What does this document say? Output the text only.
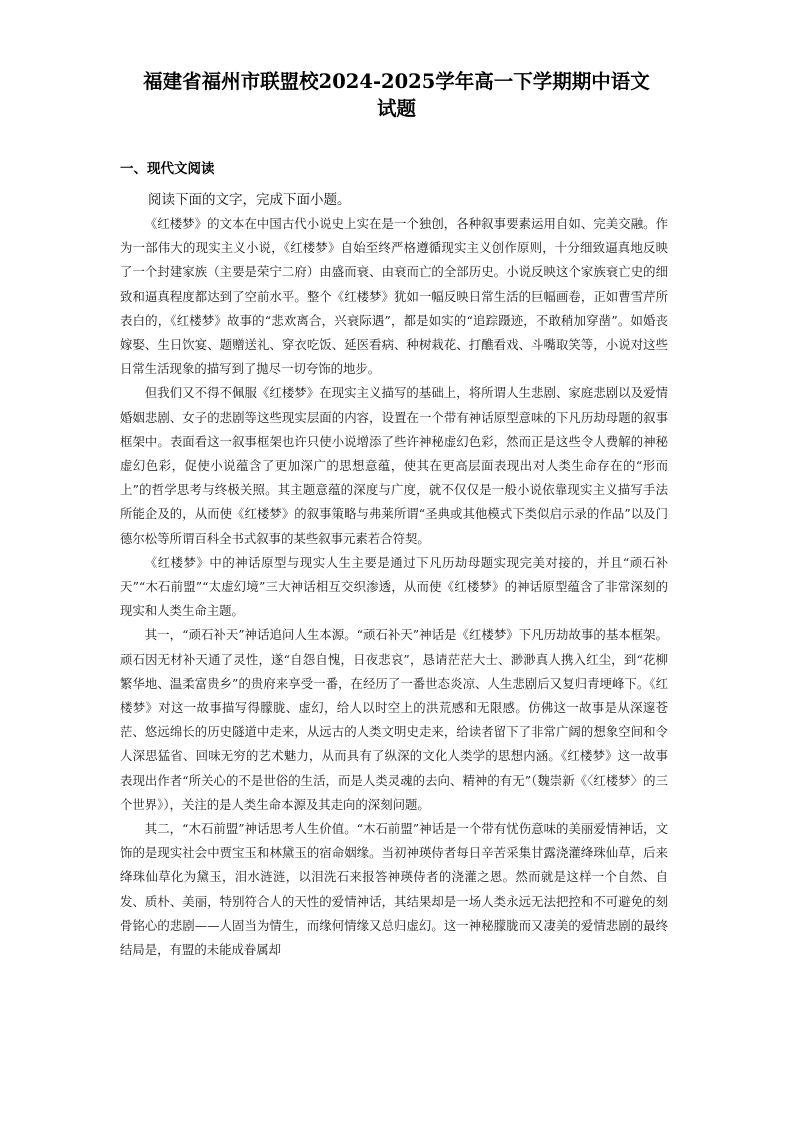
福建省福州市联盟校2024-2025学年高一下学期期中语文
试题
一、现代文阅读
阅读下面的文字，完成下面小题。

《红楼梦》的文本在中国古代小说史上实在是一个独创，各种叙事要素运用自如、完美交融。作为一部伟大的现实主义小说，《红楼梦》自始至终严格遵循现实主义创作原则，十分细致逼真地反映了一个封建家族（主要是荣宁二府）由盛而衰、由衰而亡的全部历史。小说反映这个家族衰亡史的细致和逼真程度都达到了空前水平。整个《红楼梦》犹如一幅反映日常生活的巨幅画卷，正如曹雪芹所表白的，《红楼梦》故事的“悲欢离合，兴衰际遇”，都是如实的“追踪蹑迹，不敢稍加穿凿”。如婚丧嫁娶、生日饮宴、题赠送礼、穿衣吃饭、延医看病、种树栽花、打醮看戏、斗嘴取笑等，小说对这些日常生活现象的描写到了拋尽一切夸饰的地步。

但我们又不得不佩服《红楼梦》在现实主义描写的基础上，将所谓人生悲剧、家庭悲剧以及爱情婚姻悲剧、女子的悲剧等这些现实层面的内容，设置在一个带有神话原型意味的下凡历劫母题的叙事框架中。表面看这一叙事框架也许只使小说增添了些许神秘虚幻色彩，然而正是这些令人费解的神秘虚幻色彩，促使小说蕴含了更加深广的思想意蕴，使其在更高层面表现出对人类生命存在的“形而上”的哲学思考与终极关照。其主题意蕴的深度与广度，就不仅仅是一般小说依靠现实主义描写手法所能企及的，从而使《红楼梦》的叙事策略与弗莱所谓“圣典或其他模式下类似启示录的作品”以及门德尔松等所谓百科全书式叙事的某些叙事元素若合符契。

《红楼梦》中的神话原型与现实人生主要是通过下凡历劫母题实现完美对接的，并且“顽石补天”“木石前盟”“太虚幻境”三大神话相互交织渗透，从而使《红楼梦》的神话原型蕴含了非常深刻的现实和人类生命主题。

其一，“顽石补天”神话追问人生本源。“顽石补天”神话是《红楼梦》下凡历劫故事的基本框架。顽石因无材补天通了灵性，遂“自怨自愧，日夜悲哀”，恳请茫茫大士、渺渺真人携入红尘，到“花柳繁华地、温柔富贵乡”的贵府来享受一番，在经历了一番世态炎凉、人生悲剧后又复归青埂峰下。《红楼梦》对这一故事描写得朦胧、虚幻，给人以时空上的洪荒感和无限感。仿佛这一故事是从深邃苍茫、悠远绵长的历史隧道中走来，从远古的人类文明史走来，给读者留下了非常广阔的想象空间和令人深思猛省、回味无穷的艺术魅力，从而具有了纵深的文化人类学的思想内涵。《红楼梦》这一故事表现出作者“所关心的不是世俗的生活，而是人类灵魂的去向、精神的有无”（魏崇新《〈红楼梦〉的三个世界》），关注的是人类生命本源及其走向的深刻问题。

其二，“木石前盟”神话思考人生价值。“木石前盟”神话是一个带有忧伤意味的美丽爱情神话，文饰的是现实社会中贾宝玉和林黛玉的宿命姻缘。当初神瑛侍者每日辛苦采集甘露浇灌绛珠仙草，后来绛珠仙草化为黛玉，泪水涟涟，以泪洗石来报答神瑛侍者的浇灌之恩。然而就是这样一个自然、自发、质朴、美丽，特别符合人的天性的爱情神话，其结果却是一场人类永远无法把控和不可避免的刻骨铭心的悲剧——人固当为情生，而缘何情缘又总归虚幻。这一神秘朦胧而又凄美的爱情悲剧的最终结局是，有盟的未能成眷属却
